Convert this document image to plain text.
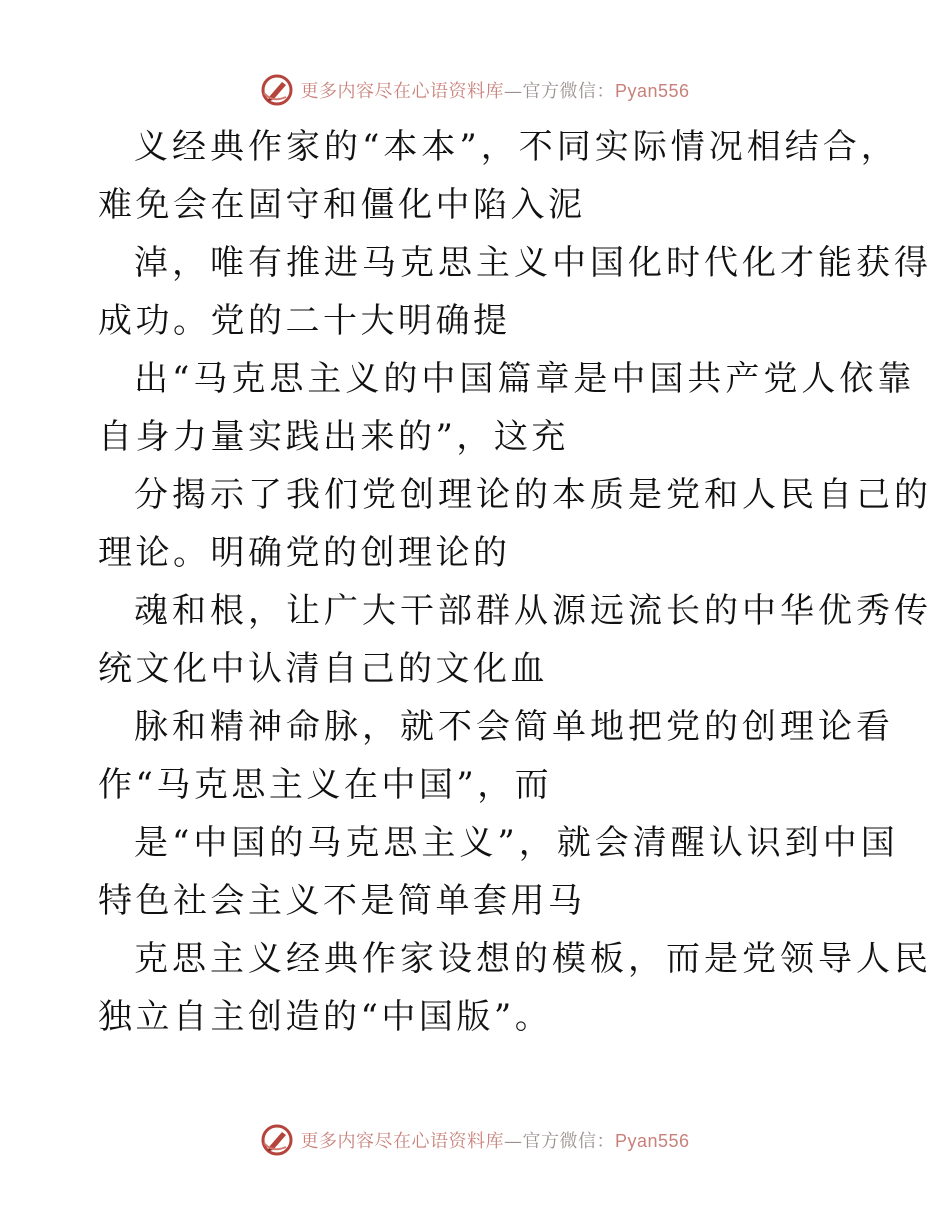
更多内容尽在心语资料库—官方微信：Pyan556
义经典作家的“本本”，不同实际情况相结合，
难免会在固守和僵化中陷入泥
淖，唯有推进马克思主义中国化时代化才能获得
成功。党的二十大明确提
出“马克思主义的中国篇章是中国共产党人依靠
自身力量实践出来的”，这充
分揭示了我们党创理论的本质是党和人民自己的
理论。明确党的创理论的
魂和根，让广大干部群从源远流长的中华优秀传
统文化中认清自己的文化血
脉和精神命脉，就不会简单地把党的创理论看
作“马克思主义在中国”，而
是“中国的马克思主义”，就会清醒认识到中国
特色社会主义不是简单套用马
克思主义经典作家设想的模板，而是党领导人民
独立自主创造的“中国版”。
更多内容尽在心语资料库—官方微信：Pyan556
